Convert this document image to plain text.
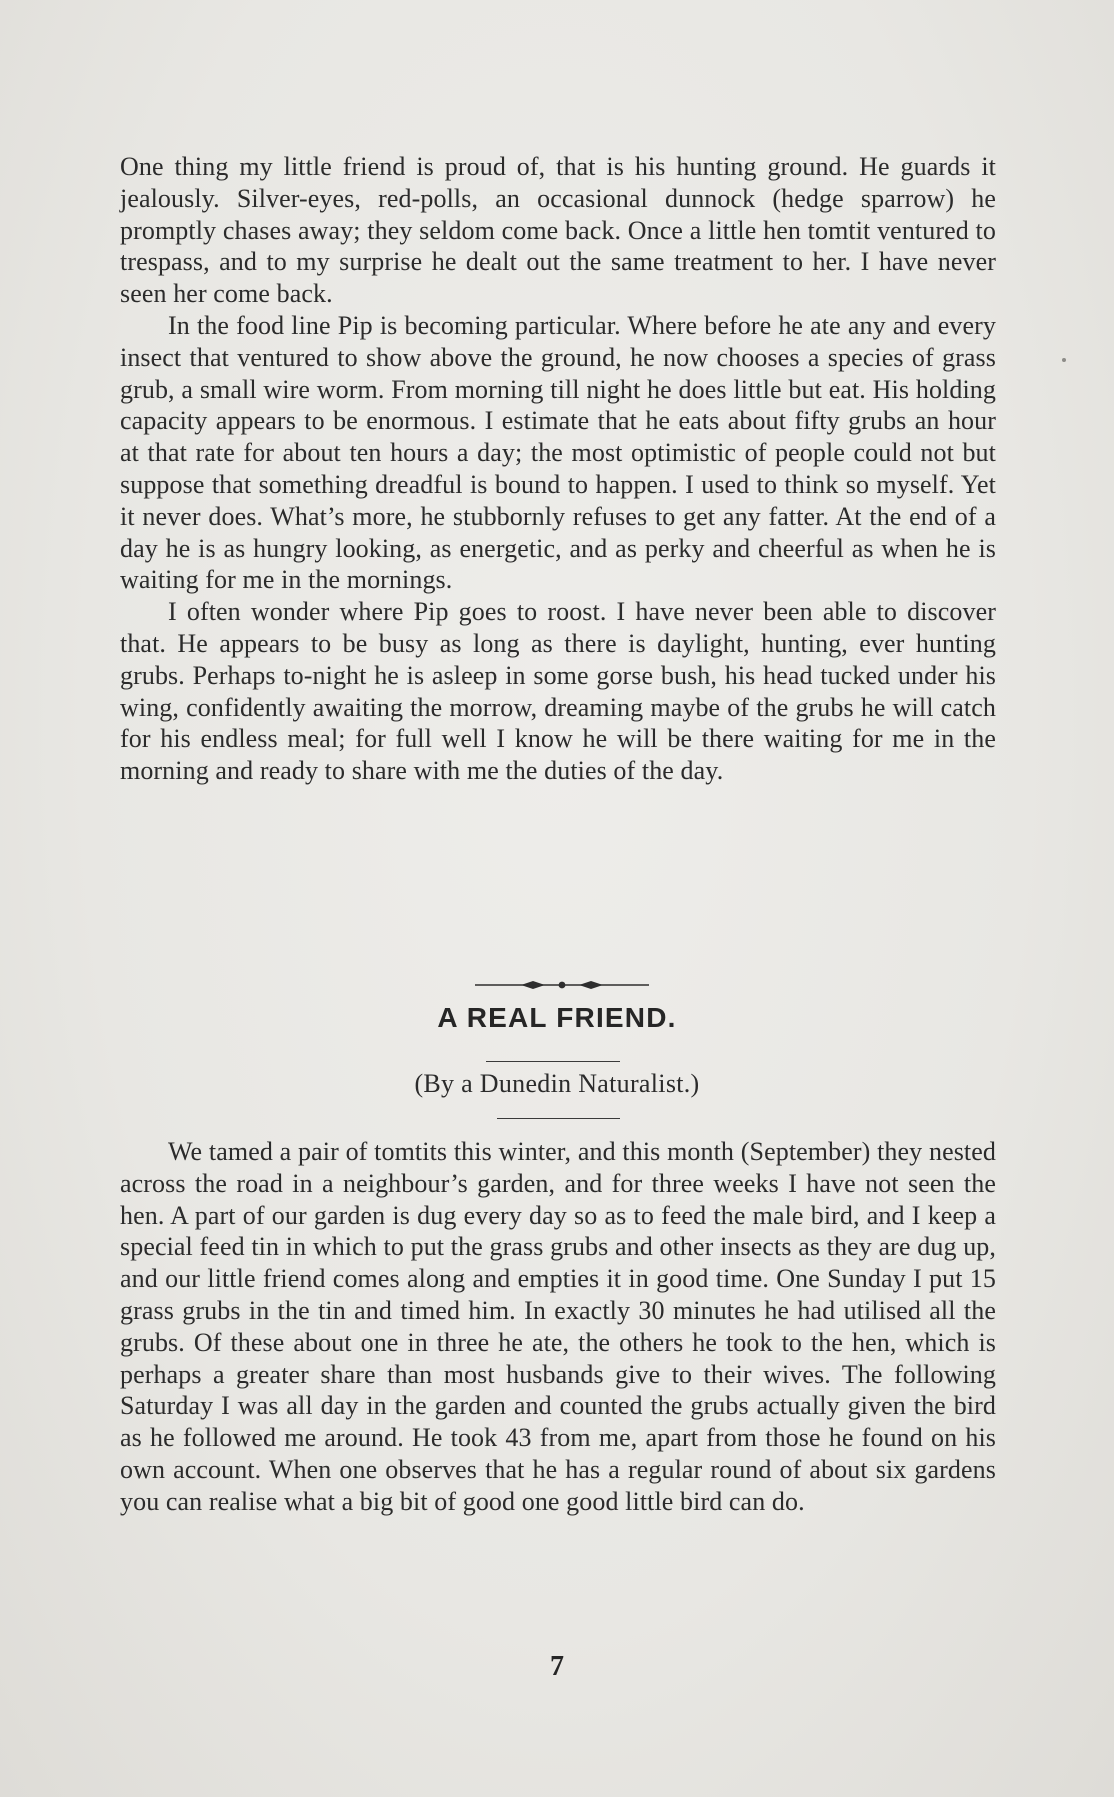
One thing my little friend is proud of, that is his hunting ground. He guards it jealously. Silver-eyes, red-polls, an occasional dunnock (hedge sparrow) he promptly chases away; they seldom come back. Once a little hen tomtit ventured to trespass, and to my surprise he dealt out the same treatment to her. I have never seen her come back.

In the food line Pip is becoming particular. Where before he ate any and every insect that ventured to show above the ground, he now chooses a species of grass grub, a small wire worm. From morning till night he does little but eat. His holding capacity appears to be enormous. I estimate that he eats about fifty grubs an hour at that rate for about ten hours a day; the most optimistic of people could not but suppose that something dreadful is bound to happen. I used to think so myself. Yet it never does. What’s more, he stubbornly refuses to get any fatter. At the end of a day he is as hungry looking, as energetic, and as perky and cheerful as when he is waiting for me in the mornings.

I often wonder where Pip goes to roost. I have never been able to discover that. He appears to be busy as long as there is daylight, hunting, ever hunting grubs. Perhaps to-night he is asleep in some gorse bush, his head tucked under his wing, confidently awaiting the morrow, dreaming maybe of the grubs he will catch for his endless meal; for full well I know he will be there waiting for me in the morning and ready to share with me the duties of the day.

A REAL FRIEND.
(By a Dunedin Naturalist.)

We tamed a pair of tomtits this winter, and this month (September) they nested across the road in a neighbour’s garden, and for three weeks I have not seen the hen. A part of our garden is dug every day so as to feed the male bird, and I keep a special feed tin in which to put the grass grubs and other insects as they are dug up, and our little friend comes along and empties it in good time. One Sunday I put 15 grass grubs in the tin and timed him. In exactly 30 minutes he had utilised all the grubs. Of these about one in three he ate, the others he took to the hen, which is perhaps a greater share than most husbands give to their wives. The following Saturday I was all day in the garden and counted the grubs actually given the bird as he followed me around. He took 43 from me, apart from those he found on his own account. When one observes that he has a regular round of about six gardens you can realise what a big bit of good one good little bird can do.

7
